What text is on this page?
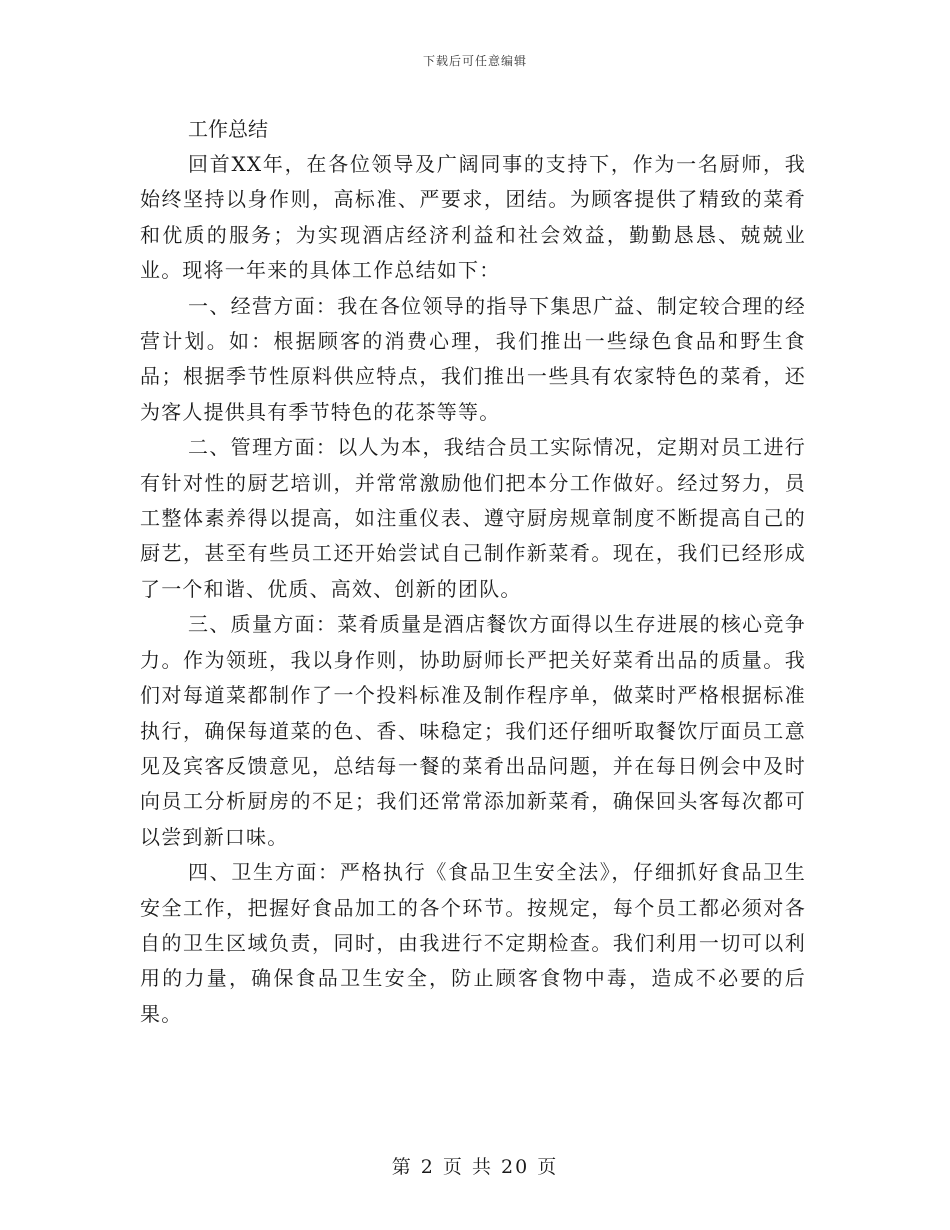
下载后可任意编辑
工作总结

回首XX年，在各位领导及广阔同事的支持下，作为一名厨师，我始终坚持以身作则，高标准、严要求，团结。为顾客提供了精致的菜肴和优质的服务；为实现酒店经济利益和社会效益，勤勤恳恳、兢兢业业。现将一年来的具体工作总结如下：

一、经营方面：我在各位领导的指导下集思广益、制定较合理的经营计划。如：根据顾客的消费心理，我们推出一些绿色食品和野生食品；根据季节性原料供应特点，我们推出一些具有农家特色的菜肴，还为客人提供具有季节特色的花茶等等。

二、管理方面：以人为本，我结合员工实际情况，定期对员工进行有针对性的厨艺培训，并常常激励他们把本分工作做好。经过努力，员工整体素养得以提高，如注重仪表、遵守厨房规章制度不断提高自己的厨艺，甚至有些员工还开始尝试自己制作新菜肴。现在，我们已经形成了一个和谐、优质、高效、创新的团队。

三、质量方面：菜肴质量是酒店餐饮方面得以生存进展的核心竞争力。作为领班，我以身作则，协助厨师长严把关好菜肴出品的质量。我们对每道菜都制作了一个投料标准及制作程序单，做菜时严格根据标准执行，确保每道菜的色、香、味稳定；我们还仔细听取餐饮厅面员工意见及宾客反馈意见，总结每一餐的菜肴出品问题，并在每日例会中及时向员工分析厨房的不足；我们还常常添加新菜肴，确保回头客每次都可以尝到新口味。

四、卫生方面：严格执行《食品卫生安全法》，仔细抓好食品卫生安全工作，把握好食品加工的各个环节。按规定，每个员工都必须对各自的卫生区域负责，同时，由我进行不定期检查。我们利用一切可以利用的力量，确保食品卫生安全，防止顾客食物中毒，造成不必要的后果。

第 2 页 共 20 页
